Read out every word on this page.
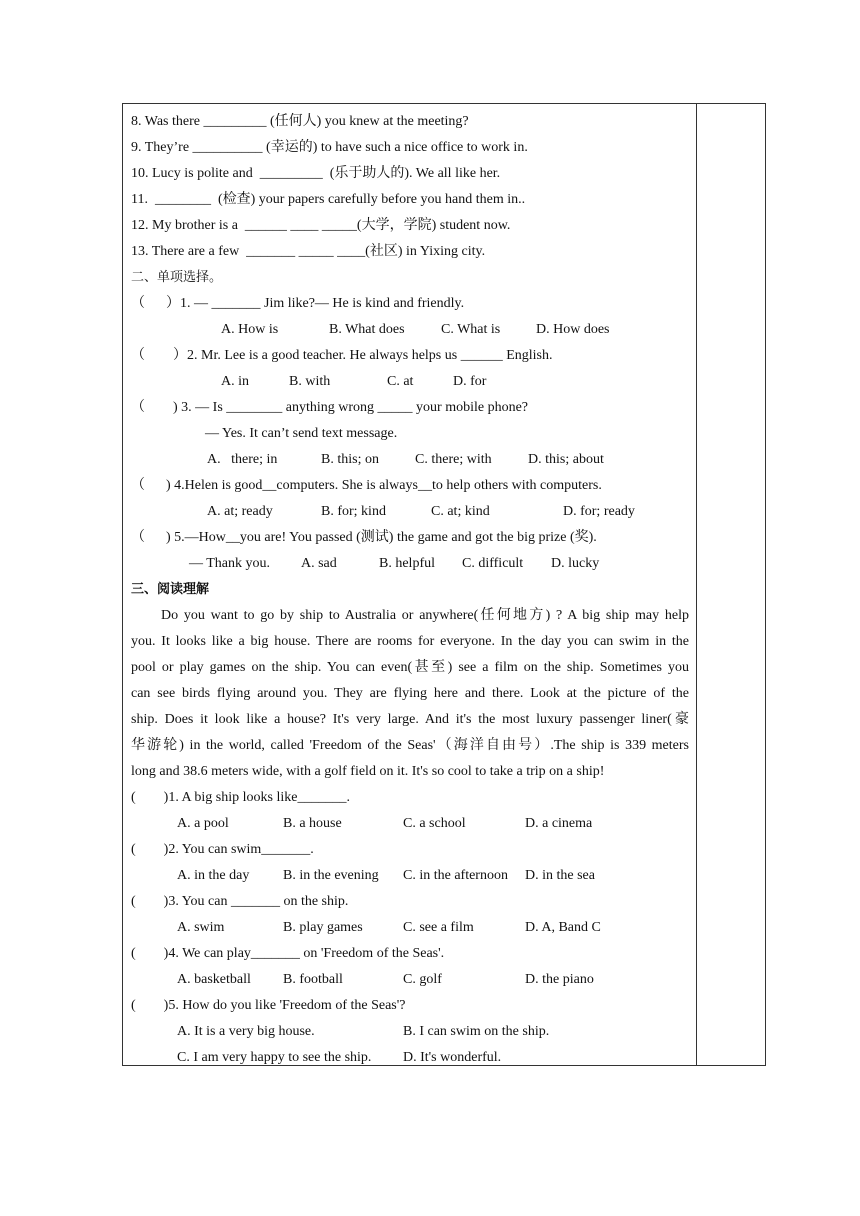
8. Was there _________ (任何人) you knew at the meeting?
9. They’re __________ (幸运的) to have such a nice office to work in.
10. Lucy is polite and  _________  (乐于助人的). We all like her.
11.  ________  (检查) your papers carefully before you hand them in..
12. My brother is a  ______ ____ _____(大学，学院) student now.
13. There are a few  _______ _____ ____(社区) in Yixing city.
二、单项选择。
（      ）1. — _______ Jim like?— He is kind and friendly.
A. How is	B. What does	C. What is	D. How does
（        ）2. Mr. Lee is a good teacher. He always helps us ______ English.
A. in	B. with	C. at	D. for
（        ) 3. — Is ________ anything wrong _____ your mobile phone?
— Yes. It can’t send text message.
A.   there; in	B. this; on	C. there; with	D. this; about
（      ) 4.Helen is good__computers. She is always__to help others with computers.
A. at; ready	B. for; kind	C. at; kind	D. for; ready
（      ) 5.—How__you are! You passed (测试) the game and got the big prize (奖).
— Thank you. A. sad	B. helpful C. difficult D. lucky
三、阅读理解
Do you want to go by ship to Australia or anywhere(任何地方) ? A big ship may help
you. It looks like a big house. There are rooms for everyone. In the day you can swim in the
pool or play games on the ship. You can even(甚至) see a film on the ship. Sometimes you
can see birds flying around you. They are flying here and there. Look at the picture of the
ship. Does it look like a house? It's very large. And it's the most luxury passenger liner(豪
华游轮) in the world, called 'Freedom of the Seas'（海洋自由号）.The ship is 339 meters
long and 38.6 meters wide, with a golf field on it. It's so cool to take a trip on a ship!
(        )1. A big ship looks like_______.
A. a pool	B. a house	C. a school	D. a cinema
(        )2. You can swim_______.
A. in the day B. in the evening C. in the afternoon D. in the sea
(        )3. You can _______ on the ship.
A. swim	B. play games	C. see a film	D. A, Band C
(        )4. We can play_______ on 'Freedom of the Seas'.
A. basketball B. football	C. golf	D. the piano
(        )5. How do you like 'Freedom of the Seas'?
A. It is a very big house.	B. I can swim on the ship.
C. I am very happy to see the ship. D. It's wonderful.
